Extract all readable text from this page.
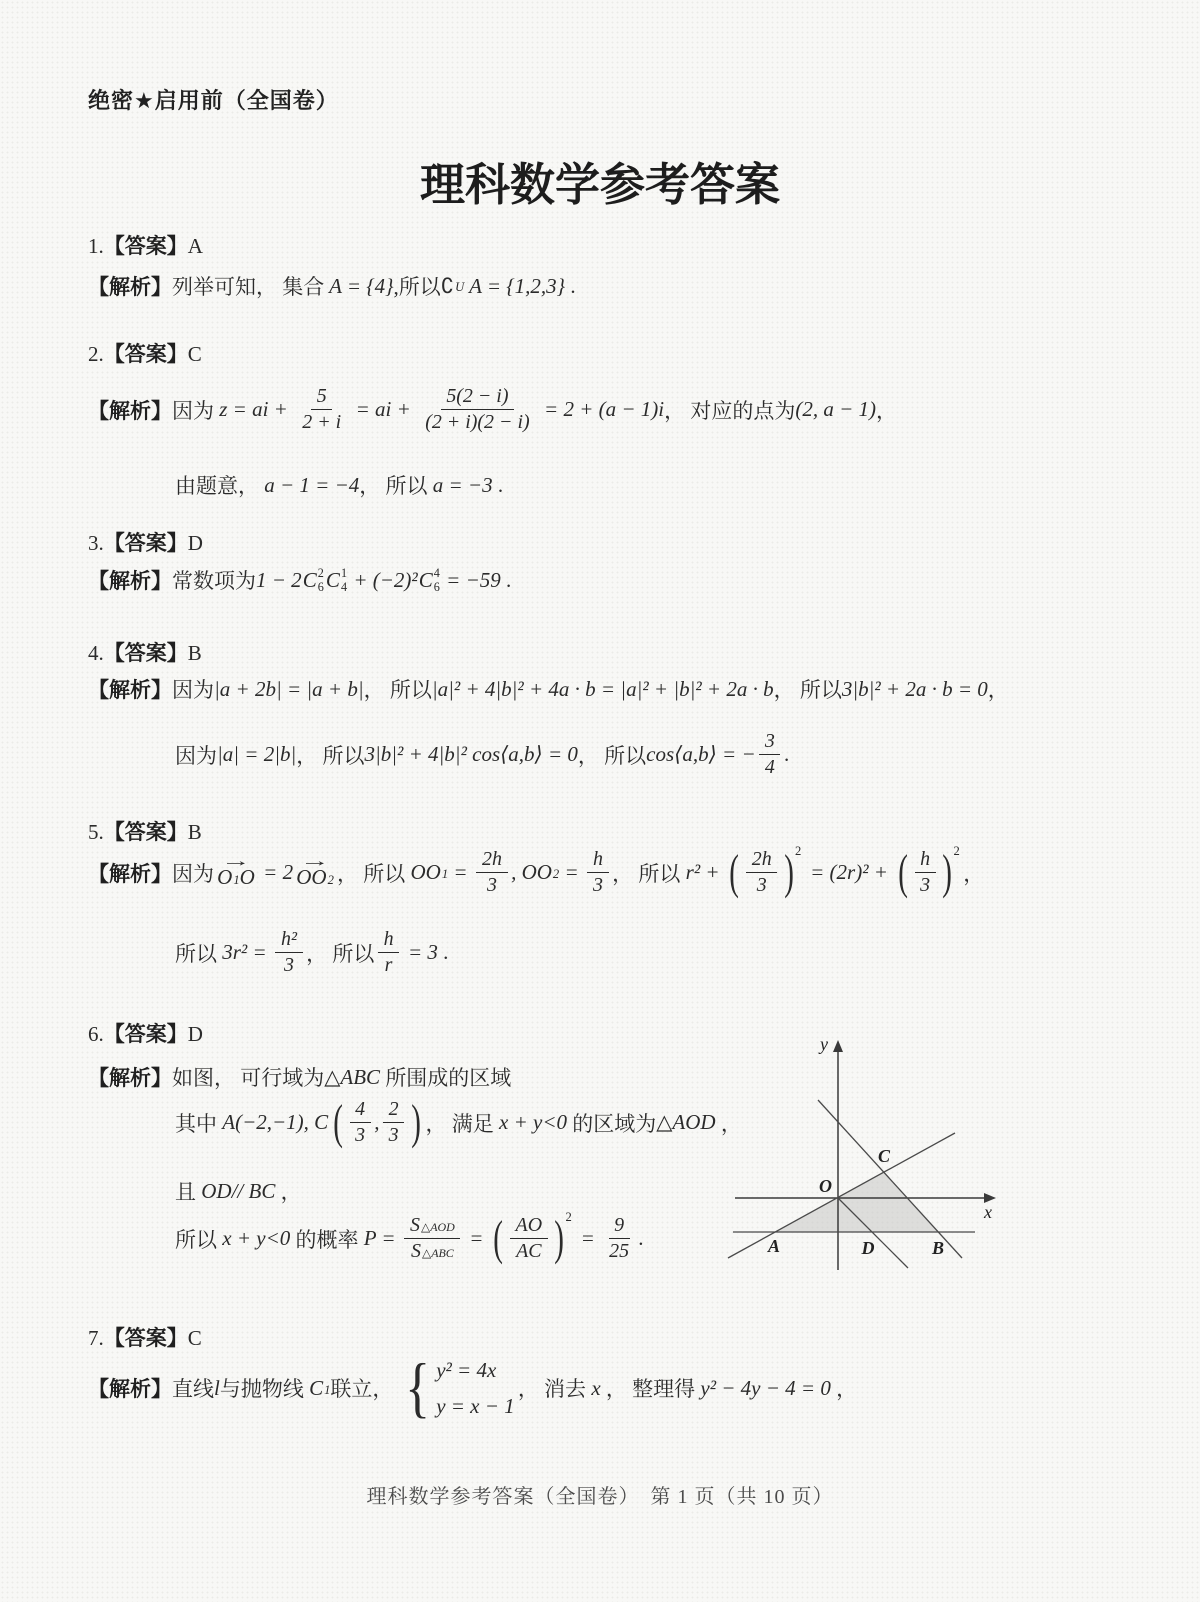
绝密★启用前（全国卷）
理科数学参考答案
1.【答案】A
【解析】 列举可知， 集合 A = {4} ,所以 ∁ U A = {1,2,3} .
2.【答案】C
【解析】 因为 z = ai + $\frac{5}{2 + i}$ = ai + $\frac{5(2 - i)}{(2 + i)(2 - i)} = 2 + (a - 1)i$ ， 对应的点为 (2, a − 1) ，
由题意， a − 1 = −4 ， 所以 a = −3 .
3.【答案】D
【解析】 常数项为 1 − 2 C 2
6 C 1
4 + (−2)² C 4
6 = −59 .
4.【答案】B
【解析】 因为 |a + 2b| = |a + b| ， 所以 |a|² + 4|b|² + 4a · b = |a|² + |b|² + 2a · b ， 所以 3|b|² + 2a · b = 0 ，
因为 |a| = 2|b| ， 所以 3|b|² + 4|b|² cos⟨a,b⟩ = 0 ， 所以 cos⟨a,b⟩ = − $\frac{3}{4}$ .
5.【答案】B
【解析】 因为
→
O 1 O = 2 →
OO 2 ， 所以 OO $1 = \frac{2h}{3}$ , OO $2 = \frac{h}{3}$ ， 所以 r² + ( $\frac{2h}{3}$ ) 2
= (2r)² + ( $\frac{h}{3}$ ) 2
，
所以 $3r^2 = \frac{\text{h²}}{3}$ ， 所以 $\frac{h}{r} = 3$ .
6.【答案】D
【解析】 如图， 可行域为 △ABC 所围成的区域
其中 A(−2,−1), C ( $\frac{4}{3}$ , $\frac{2}{3}$ ) ， 满足 x + y<0 的区域为 △AOD ，
且 OD// BC ，
所以 x + y<0 的概率 $P = \frac{\text{S △AOD}}{\text{S △ABC}}$ = ( $\frac{AO}{AC}$ ) 2
= $\frac{9}{25}$ .
y
x
O
C
A	D	B
7.【答案】C
【解析】 直线 l 与抛物线 C 1 联立， { y² = 4x
y = x − 1
， 消去 x ， 整理得 y² − 4y − 4 = 0 ，
理科数学参考答案（全国卷）　第 1 页（共 10 页）
